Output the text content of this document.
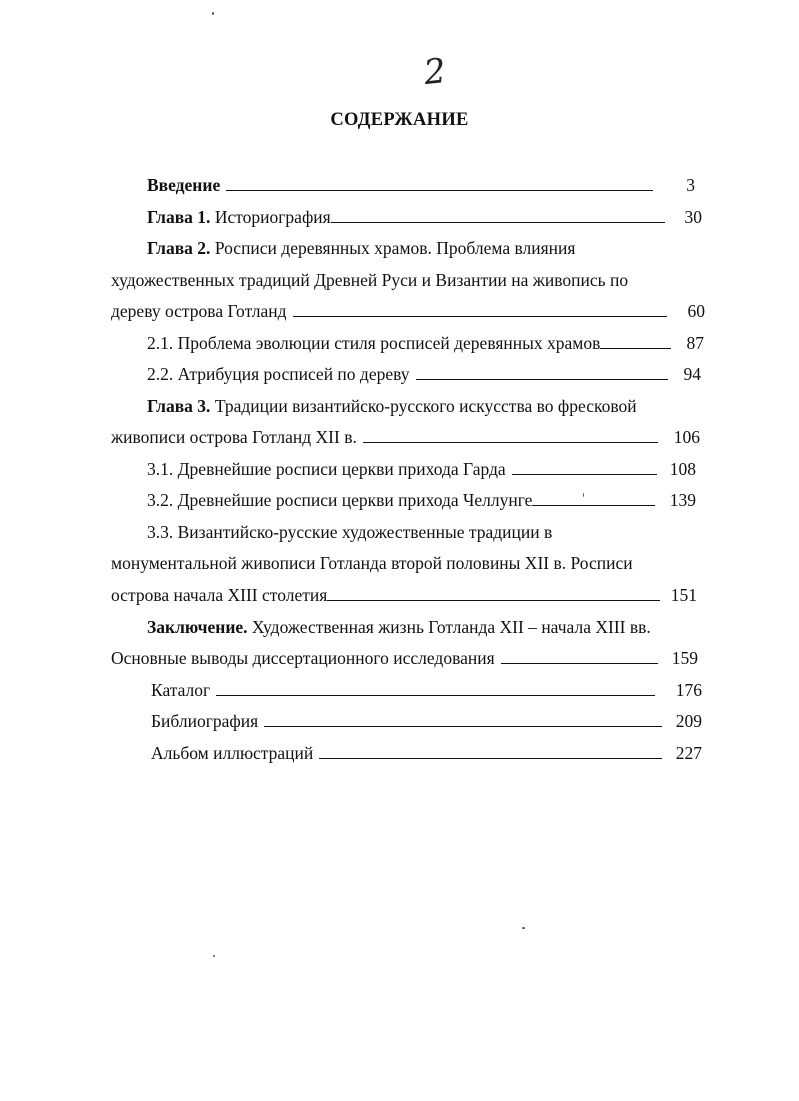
2
СОДЕРЖАНИЕ
Введение	3
Глава 1.
Историография	30
Глава 2. Росписи деревянных храмов. Проблема влияния
художественных традиций Древней Руси и Византии на живопись по
дереву острова Готланд	60
2.1. Проблема эволюции стиля росписей деревянных храмов	87
2.2. Атрибуция росписей по дереву	94
Глава 3. Традиции византийско-русского искусства во фресковой
живописи острова Готланд XII в.	106
3.1. Древнейшие росписи церкви прихода Гарда	108
3.2. Древнейшие росписи церкви прихода Челлунге	139
3.3. Византийско-русские художественные традиции в
монументальной живописи Готланда второй половины XII в. Росписи
острова начала XIII столетия	151
Заключение. Художественная жизнь Готланда XII – начала XIII вв.
Основные выводы диссертационного исследования	159
Каталог	176
Библиография	209
Альбом иллюстраций	227
